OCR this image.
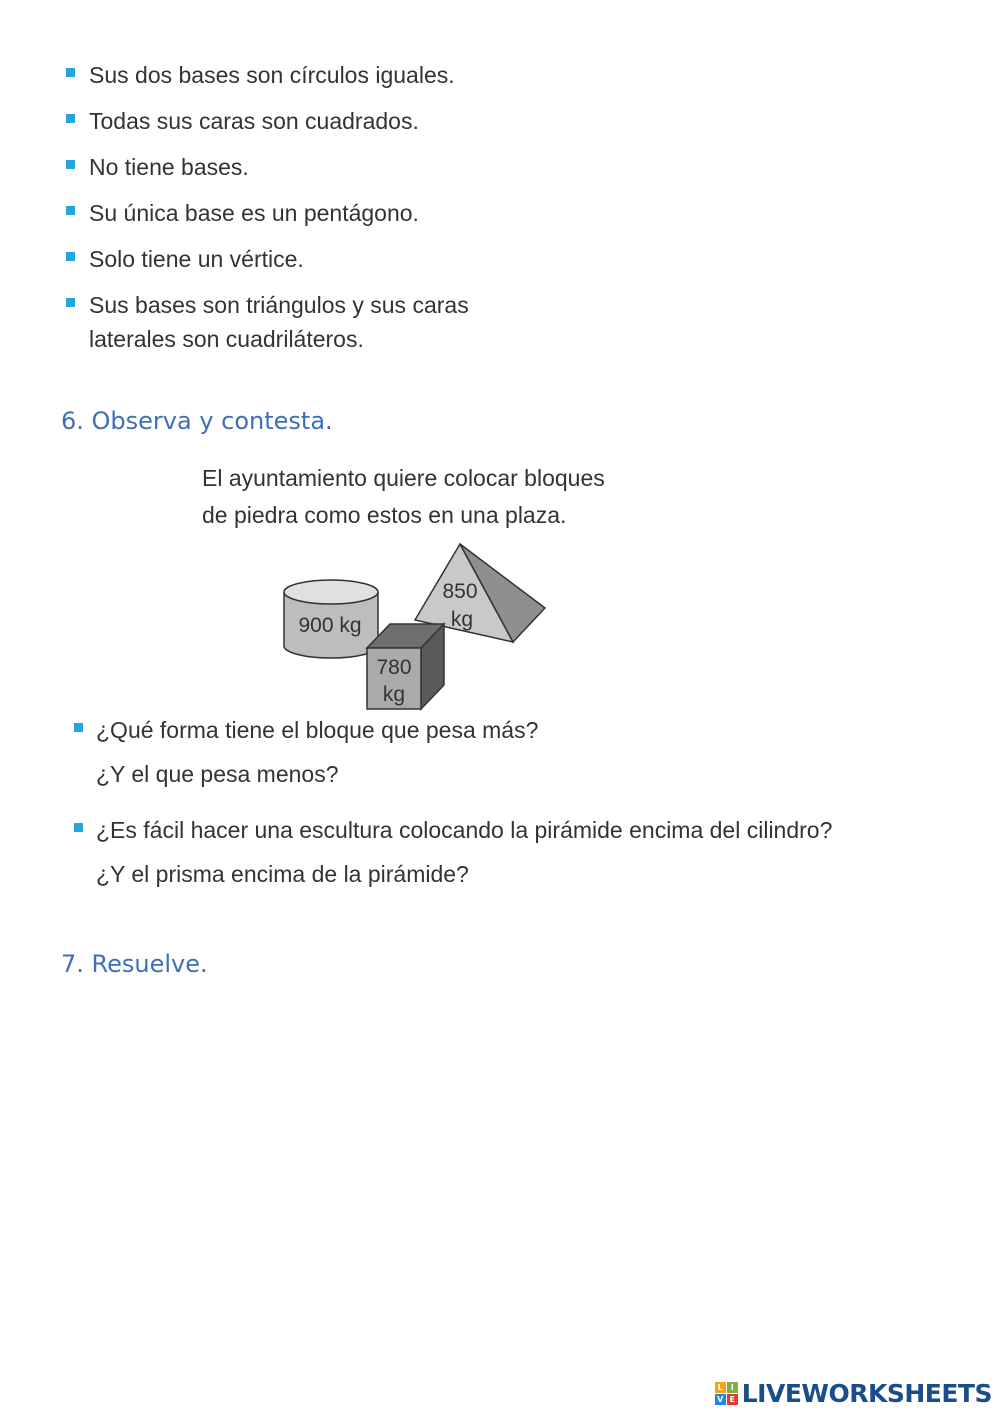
Sus dos bases son círculos iguales.
Todas sus caras son cuadrados.
No tiene bases.
Su única base es un pentágono.
Solo tiene un vértice.
Sus bases son triángulos y sus caras laterales son cuadriláteros.
6. Observa y contesta.
El ayuntamiento quiere colocar bloques
de piedra como estos en una plaza.
850
kg
900 kg
780
kg
¿Qué forma tiene el bloque que pesa más?
¿Y el que pesa menos?
¿Es fácil hacer una escultura colocando la pirámide encima del cilindro?
¿Y el prisma encima de la pirámide?
7. Resuelve.
L I
V E LIVEWORKSHEETS
